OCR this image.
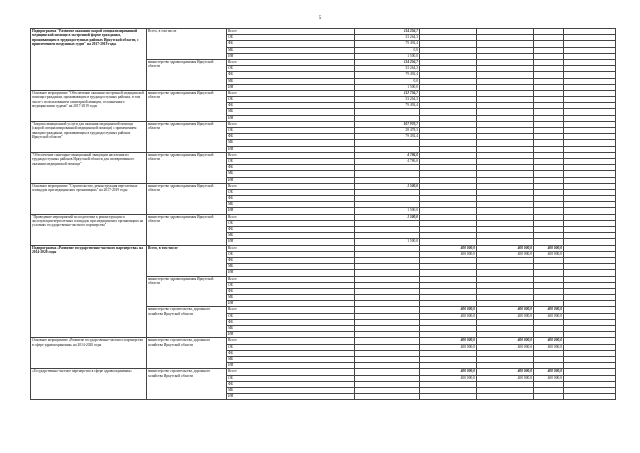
5
Подпрограмма "Развитие оказания скорой специализированной медицинской помощи в экстренной форме гражданам, проживающим в труднодоступных районах Иркутской области, с привлечением воздушных судов" на 2017-2019 годы	Всего, в том числе	Всего	114 256,7				
		ОБ	33 264,3				
		ФБ	79 492,4				
		МБ	0,0				
		ИИ	1 500,0				
	министерство здравоохранения Иркутской области	Всего	114 256,7				
		ОБ	33 264,3				
		ФБ	79 492,4				
		МБ	0,0				
		ИИ	1 500,0				
Основное мероприятие "Обеспечение оказания экстренной медицинской помощи гражданам, проживающим в труднодоступных районах, в том числе с использованием санитарной авиации, осложненного медицинскими судами" на 2017-2019 годы	министерство здравоохранения Иркутской области	Всего	112 756,7				
		ОБ	33 264,3				
		ФБ	79 492,4				
		МБ					
		ИИ					
"Закупка авиационной услуги для оказания медицинской помощи (скорой специализированной медицинской помощи) с применением авиации гражданам, проживающим в труднодоступных районах Иркутской области"	министерство здравоохранения Иркутской области	Всего	107 970,7				
		ОБ	28 478,3				
		ФБ	79 492,4				
		МБ					
		ИИ					
"Обеспечение санитарно-авиационной эвакуации населения из труднодоступных районов Иркутской области для своевременного оказания медицинской помощи"	министерство здравоохранения Иркутской области	Всего	4 786,0				
		ОБ	4 786,0				
		ФБ					
		МБ					
		ИИ					
Основное мероприятие "Строительство, реконструкция вертолетных площадок при медицинских организациях" на 2017-2019 годы	министерство здравоохранения Иркутской области	Всего	1 500,0				
		ОБ					
		ФБ					
		МБ					
		ИИ	1 500,0				
"Проведение мероприятий по подготовке к реконструкции и эксплуатации вертолетных площадок при медицинских организациях на условиях государственно-частного партнерства"	министерство здравоохранения Иркутской области	Всего	1 500,0				
		ОБ					
		ФБ					
		МБ					
		ИИ	1 500,0				
Подпрограмма «Развитие государственно-частного партнерства» на 2014-2020 годы	Всего, в том числе	Всего		400 000,0	400 000,0	400 000,0	
		ОБ		400 000,0	400 000,0	400 000,0	
		ФБ					
		МБ					
		ИИ					
	министерство здравоохранения Иркутской области	Всего					
		ОБ					
		ФБ					
		МБ					
		ИИ					
	министерство строительства, дорожного хозяйства Иркутской области	Всего		400 000,0	400 000,0	400 000,0	
		ОБ		400 000,0	400 000,0	400 000,0	
		ФБ					
		МБ					
		ИИ					
Основное мероприятие «Развитие государственно-частного партнерства в сфере здравоохранения» на 2014-2020 годы	министерство строительства, дорожного хозяйства Иркутской области	Всего		400 000,0	400 000,0	400 000,0	
		ОБ		400 000,0	400 000,0	400 000,0	
		ФБ					
		МБ					
		ИИ					
«Государственно-частное партнерство в сфере здравоохранения»	министерство строительства, дорожного хозяйства Иркутской области	Всего		400 000,0	400 000,0	400 000,0	
		ОБ		400 000,0	400 000,0	400 000,0	
		ФБ					
		МБ					
		ИИ					
